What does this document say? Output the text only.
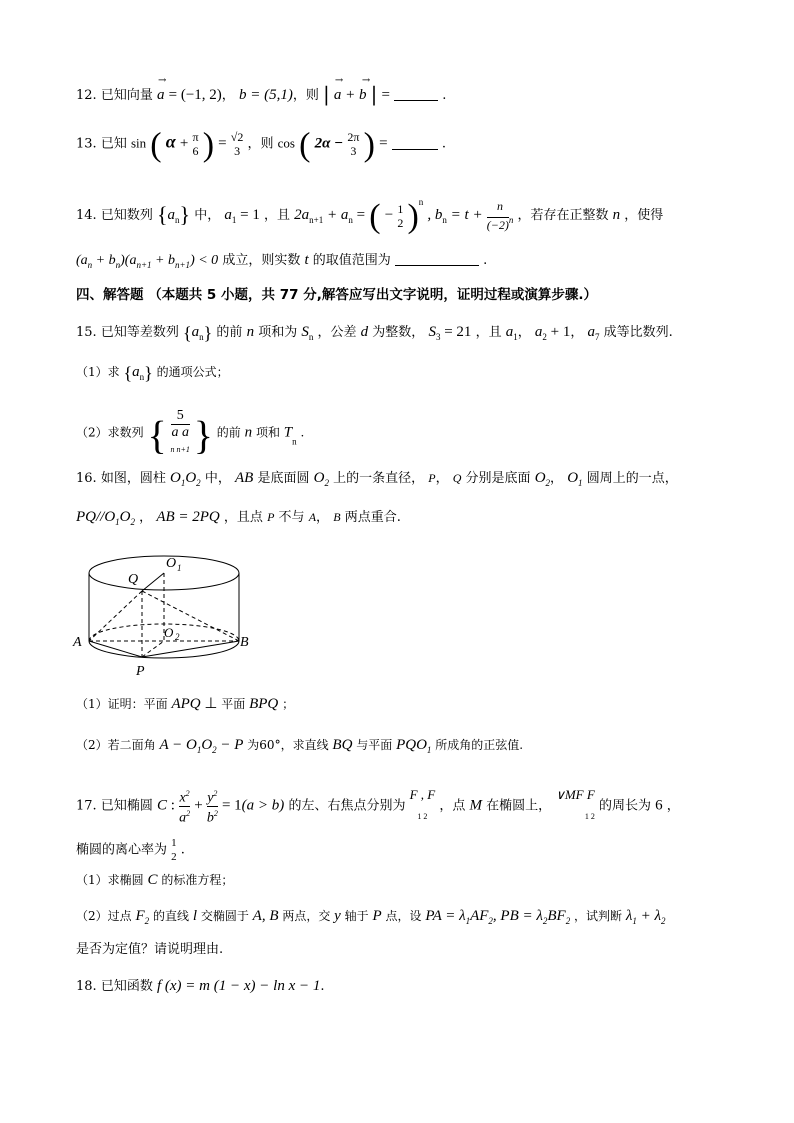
12. 已知向量
→
a = (−1, 2)， b = (5,1)，则 |
→ →
a + b | =	.
13. 已知 sin ( α + π
6 ) = √2
3 ，则 cos ( 2α − 2π
3 ) =	.
14. 已知数列 $\{a_n\}$ 中， $a_1 = 1$ ，且 $2a_{n+1} + a_n$ = ( − 1
2 )$^n$ , $b_n = t$ +
n
$(-2)^n$ ，若存在正整数 n ，使得
$(a_n + b_n)(a_{n+1} + b_{n+1}) < 0$ 成立，则实数 t 的取值范围为	.
四、解答题 （本题共 5 小题，共 77 分,解答应写出文字说明，证明过程或演算步骤.）
15. 已知等差数列 $\{a_n\}$ 的前 n 项和为 $S_n$ ，公差 d 为整数， $S_3 = 21$ ，且 $a_1$， $a_2 + 1$， $a_7$ 成等比数列.
（1）求 $\{a_n\}$ 的通项公式；
（2）求数列 { 5
a a
n n+1 } 的前 n 项和 $T_n$ .
16. 如图，圆柱 $O_1O_2$ 中， AB 是底面圆 $O_2$ 上的一条直径， P， Q 分别是底面 $O_2$， $O_1$ 圆周上的一点，
$PQ//O_1O_2$ ， AB = 2PQ ，且点 P 不与 A， B 两点重合.
Q
O 1
O 2
A	B
P
（1）证明：平面 APQ ⊥ 平面 BPQ ；
（2）若二面角 $A - O_1O_2 - P$ 为60°，求直线 BQ 与平面 $PQO_1$ 所成角的正弦值.
17. 已知椭圆 C : $\frac{x^2}{a^2} + \frac{y^2}{b^2} = 1(a > b)$ 的左、右焦点分别为
F , F
1 2
，点 M 在椭圆上，
∨MF F
1 2
的周长为 6 ，
椭圆的离心率为 1
2 .
（1）求椭圆 C 的标准方程；
（2）过点 $F_2$ 的直线 l 交椭圆于 A, B 两点，交 y 轴于 P 点，设 PA = $\lambda_1AF_2$, PB = $\lambda_2BF_2$ ，试判断 $\lambda_1 + \lambda_2$
是否为定值？请说明理由.
18. 已知函数 f (x) = m (1 − x) − ln x − 1.
